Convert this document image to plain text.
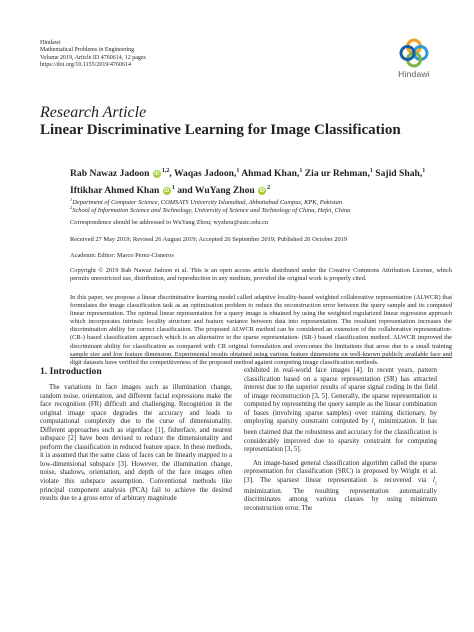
Hindawi
Mathematical Problems in Engineering
Volume 2019, Article ID 4760614, 12 pages
https://doi.org/10.1155/2019/4760614
Hindawi
Research Article
Linear Discriminative Learning for Image Classification
Rab Nawaz Jadoon iD $^{1,2}$, Waqas Jadoon,$^1$ Ahmad Khan,$^1$ Zia ur Rehman,$^1$ Sajid Shah,$^1$
Iftikhar Ahmed Khan iD $^1$ and WuYang Zhou iD $^2$
$^1$Department of Computer Science, COMSATS University Islamabad, Abbottabad Campus, KPK, Pakistan
$^2$School of Information Science and Technology, University of Science and Technology of China, Hefei, China
Correspondence should be addressed to WuYang Zhou; wyzhou@ustc.edu.cn
Received 27 May 2019; Revised 26 August 2019; Accepted 20 September 2019; Published 20 October 2019
Academic Editor: Marco Perez-Cisneros
Copyright © 2019 Rab Nawaz Jadoon et al. This is an open access article distributed under the Creative Commons Attribution License, which permits unrestricted use, distribution, and reproduction in any medium, provided the original work is properly cited.
In this paper, we propose a linear discriminative learning model called adaptive locality-based weighted collaborative representation (ALWCR) that formulates the image classification task as an optimization problem to reduce the reconstruction error between the query sample and its computed linear representation. The optimal linear representation for a query image is obtained by using the weighted regularized linear regression approach which incorporates intrinsic locality structure and feature variance between data into representation. The resultant representation increases the discrimination ability for correct classification. The proposed ALWCR method can be considered an extension of the collaborative representation- (CR-) based classification approach which is an alternative to the sparse representation- (SR-) based classification method. ALWCR improved the discriminant ability for classification as compared with CR original formulation and overcomes the limitations that arose due to a small training sample size and low feature dimension. Experimental results obtained using various feature dimensions on well-known publicly available face and digit datasets have verified the competitiveness of the proposed method against competing image classification methods.
1. Introduction
The variations in face images such as illumination change, random noise, orientation, and different facial expressions make the face recognition (FR) difficult and challenging. Recognition in the original image space degrades the accuracy and leads to computational complexity due to the curse of dimensionality. Different approaches such as eigenface [1], fisherface, and nearest subspace [2] have been devised to reduce the dimensionality and perform the classification in reduced feature space. In these methods, it is assumed that the same class of faces can be linearly mapped to a low-dimensional subspace [3]. However, the illumination change, noise, shadows, orientation, and depth of the face images often violate this subspace assumption. Conventional methods like principal component analysis (PCA) fail to achieve the desired results due to a gross error of arbitrary magnitude
exhibited in real-world face images [4]. In recent years, pattern classification based on a sparse representation (SR) has attracted interest due to the superior results of sparse signal coding in the field of image reconstruction [3, 5]. Generally, the sparse representation is computed by representing the query sample as the linear combination of bases (involving sparse samples) over training dictionary, by employing sparsity constraint computed by $l_1$ minimization. It has been claimed that the robustness and accuracy for the classification is considerably improved due to sparsity constraint for computing representation [3, 5].
An image-based general classification algorithm called the sparse representation for classification (SRC) is proposed by Wright et al. [3]. The sparsest linear representation is recovered via $l_1$ minimization. The resulting representation automatically discriminates among various classes by using minimum reconstruction error. The
